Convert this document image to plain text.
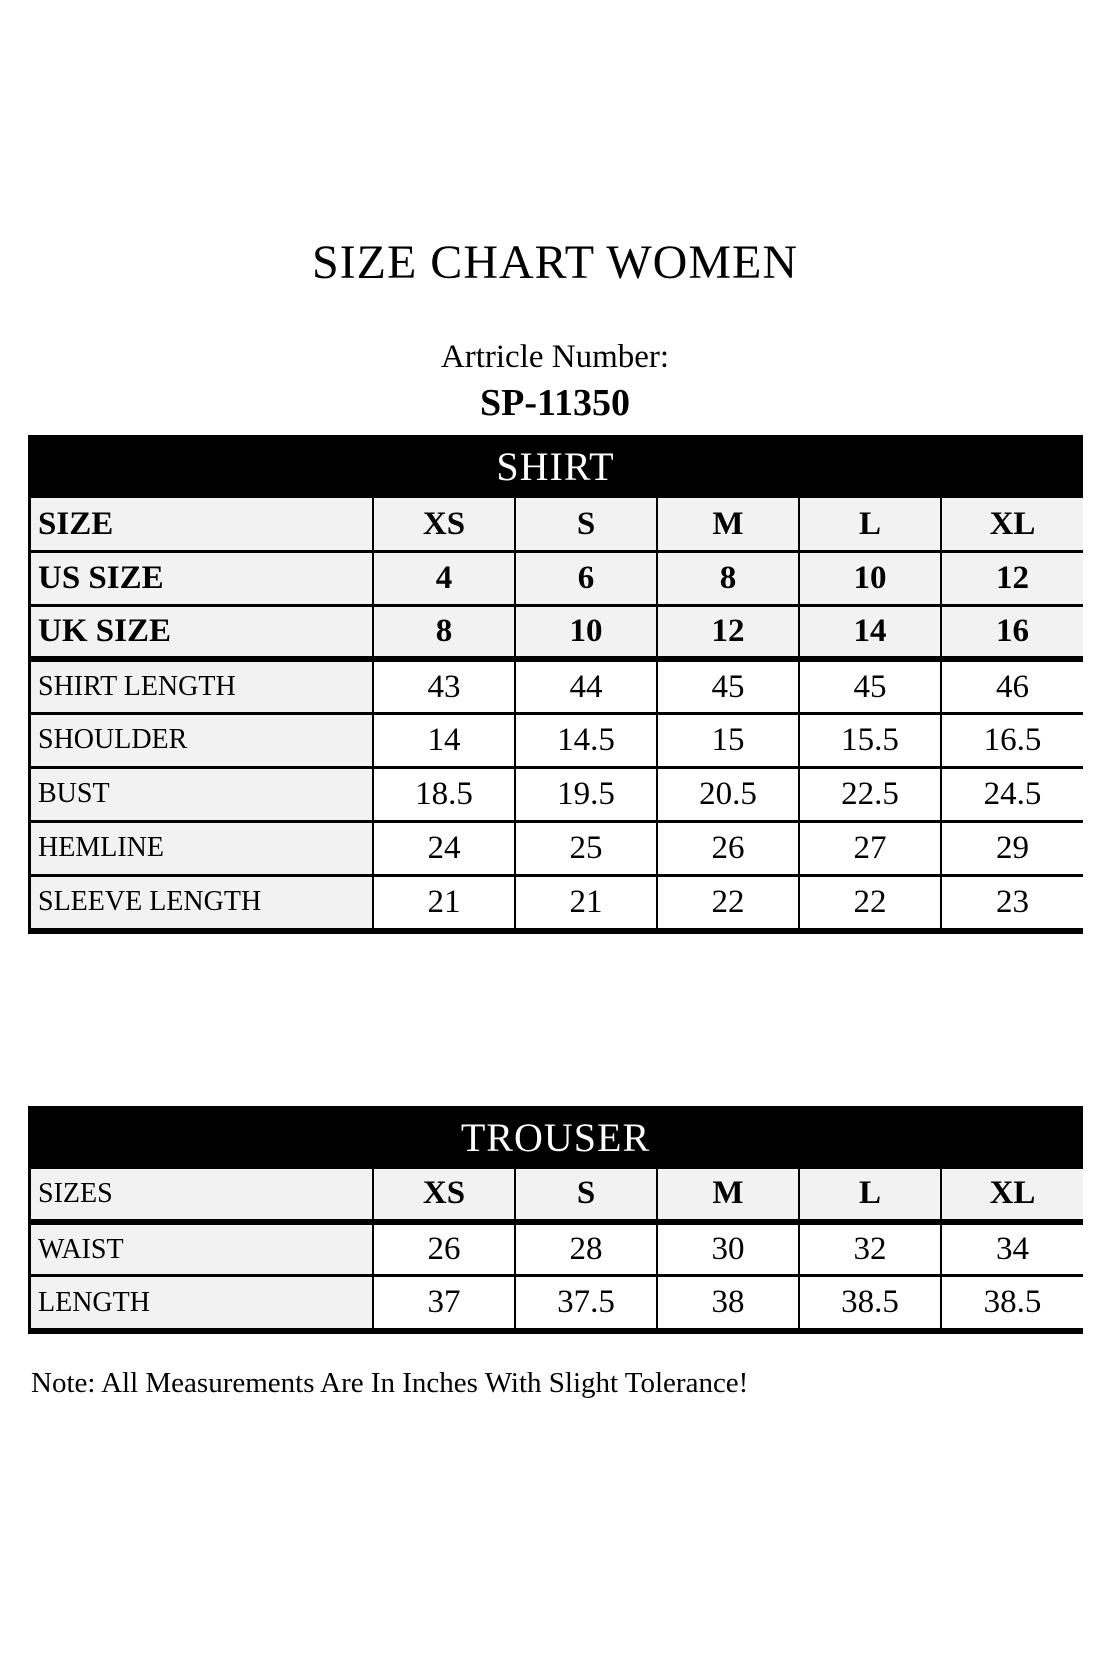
SIZE CHART WOMEN
Artricle Number:
SP-11350
SHIRT
SIZE	XS	S	M	L	XL
US SIZE	4	6	8	10	12
UK SIZE	8	10	12	14	16
SHIRT LENGTH	43	44	45	45	46
SHOULDER	14	14.5	15	15.5	16.5
BUST	18.5	19.5	20.5	22.5	24.5
HEMLINE	24	25	26	27	29
SLEEVE LENGTH	21	21	22	22	23
TROUSER
SIZES	XS	S	M	L	XL
WAIST	26	28	30	32	34
LENGTH	37	37.5	38	38.5	38.5

Note: All Measurements Are In Inches With Slight Tolerance!
